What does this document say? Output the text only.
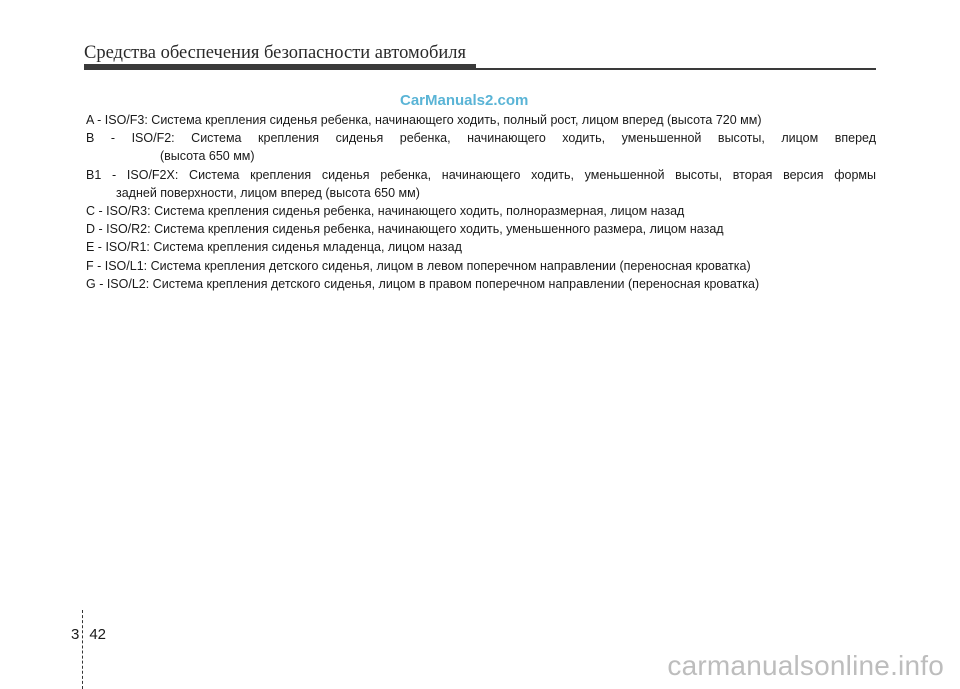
Средства обеспечения безопасности автомобиля
CarManuals2.com
A - ISO/F3: Система крепления сиденья ребенка, начинающего ходить, полный рост, лицом вперед (высота 720 мм)
B - ISO/F2: Система крепления сиденья ребенка, начинающего ходить, уменьшенной высоты, лицом вперед
(высота 650 мм)
B1 - ISO/F2X: Система крепления сиденья ребенка, начинающего ходить, уменьшенной высоты, вторая версия формы
задней поверхности, лицом вперед (высота 650 мм)
C - ISO/R3: Система крепления сиденья ребенка, начинающего ходить, полноразмерная, лицом назад
D - ISO/R2: Система крепления сиденья ребенка, начинающего ходить, уменьшенного размера, лицом назад
E - ISO/R1: Система крепления сиденья младенца, лицом назад
F - ISO/L1: Система крепления детского сиденья, лицом в левом поперечном направлении (переносная кроватка)
G - ISO/L2: Система крепления детского сиденья, лицом в правом поперечном направлении (переносная кроватка)
3 42
carmanualsonline.info
